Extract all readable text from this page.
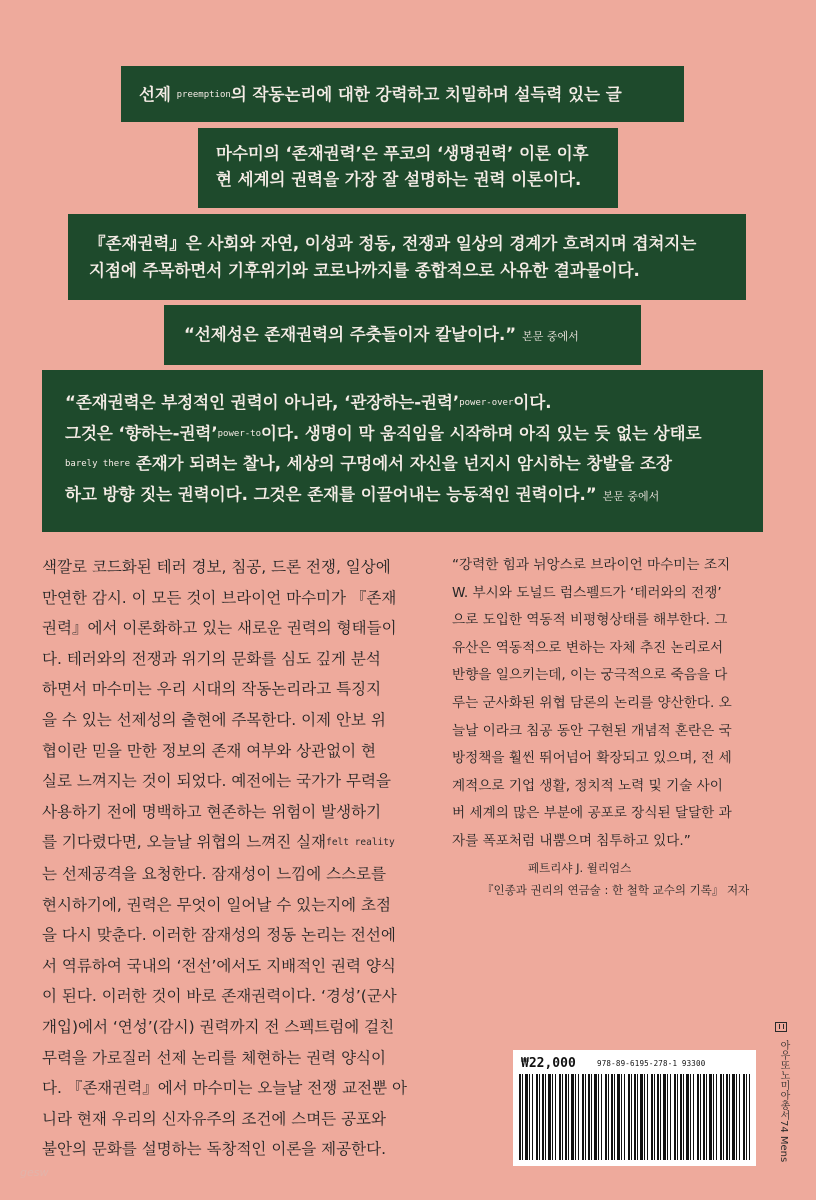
선제 preemption의 작동논리에 대한 강력하고 치밀하며 설득력 있는 글
마수미의 ‘존재권력’은 푸코의 ‘생명권력’ 이론 이후
현 세계의 권력을 가장 잘 설명하는 권력 이론이다.
『존재권력』은 사회와 자연, 이성과 정동, 전쟁과 일상의 경계가 흐려지며 겹쳐지는
지점에 주목하면서 기후위기와 코로나까지를 종합적으로 사유한 결과물이다.
“선제성은 존재권력의 주춧돌이자 칼날이다.” 본문 중에서
“존재권력은 부정적인 권력이 아니라, ‘관장하는-권력’power-over이다.
그것은 ‘향하는-권력’power-to이다. 생명이 막 움직임을 시작하며 아직 있는 듯 없는 상태로
barely there 존재가 되려는 찰나, 세상의 구멍에서 자신을 넌지시 암시하는 창발을 조장
하고 방향 짓는 권력이다. 그것은 존재를 이끌어내는 능동적인 권력이다.” 본문 중에서
색깔로 코드화된 테러 경보, 침공, 드론 전쟁, 일상에
만연한 감시. 이 모든 것이 브라이언 마수미가 『존재
권력』에서 이론화하고 있는 새로운 권력의 형태들이
다. 테러와의 전쟁과 위기의 문화를 심도 깊게 분석
하면서 마수미는 우리 시대의 작동논리라고 특징지
을 수 있는 선제성의 출현에 주목한다. 이제 안보 위
협이란 믿을 만한 정보의 존재 여부와 상관없이 현
실로 느껴지는 것이 되었다. 예전에는 국가가 무력을
사용하기 전에 명백하고 현존하는 위험이 발생하기
를 기다렸다면, 오늘날 위협의 느껴진 실재felt reality
는 선제공격을 요청한다. 잠재성이 느낌에 스스로를
현시하기에, 권력은 무엇이 일어날 수 있는지에 초점
을 다시 맞춘다. 이러한 잠재성의 정동 논리는 전선에
서 역류하여 국내의 ‘전선’에서도 지배적인 권력 양식
이 된다. 이러한 것이 바로 존재권력이다. ‘경성’(군사
개입)에서 ‘연성’(감시) 권력까지 전 스펙트럼에 걸친
무력을 가로질러 선제 논리를 체현하는 권력 양식이
다. 『존재권력』에서 마수미는 오늘날 전쟁 교전뿐 아
니라 현재 우리의 신자유주의 조건에 스며든 공포와
불안의 문화를 설명하는 독창적인 이론을 제공한다.
“강력한 힘과 뉘앙스로 브라이언 마수미는 조지
W. 부시와 도널드 럼스펠드가 ‘테러와의 전쟁’
으로 도입한 역동적 비평형상태를 해부한다. 그
유산은 역동적으로 변하는 자체 추진 논리로서
반향을 일으키는데, 이는 궁극적으로 죽음을 다
루는 군사화된 위협 담론의 논리를 양산한다. 오
늘날 이라크 침공 동안 구현된 개념적 혼란은 국
방정책을 훨씬 뛰어넘어 확장되고 있으며, 전 세
계적으로 기업 생활, 정치적 노력 및 기술 사이
버 세계의 많은 부분에 공포로 장식된 달달한 과
자를 폭포처럼 내뿜으며 침투하고 있다.”
페트리샤 J. 윌리엄스
『인종과 권리의 연금술 : 한 철학 교수의 기록』 저자
아우또노미아총서74 Mens
₩22,000	978-89-6195-278-1 93300
gesw
